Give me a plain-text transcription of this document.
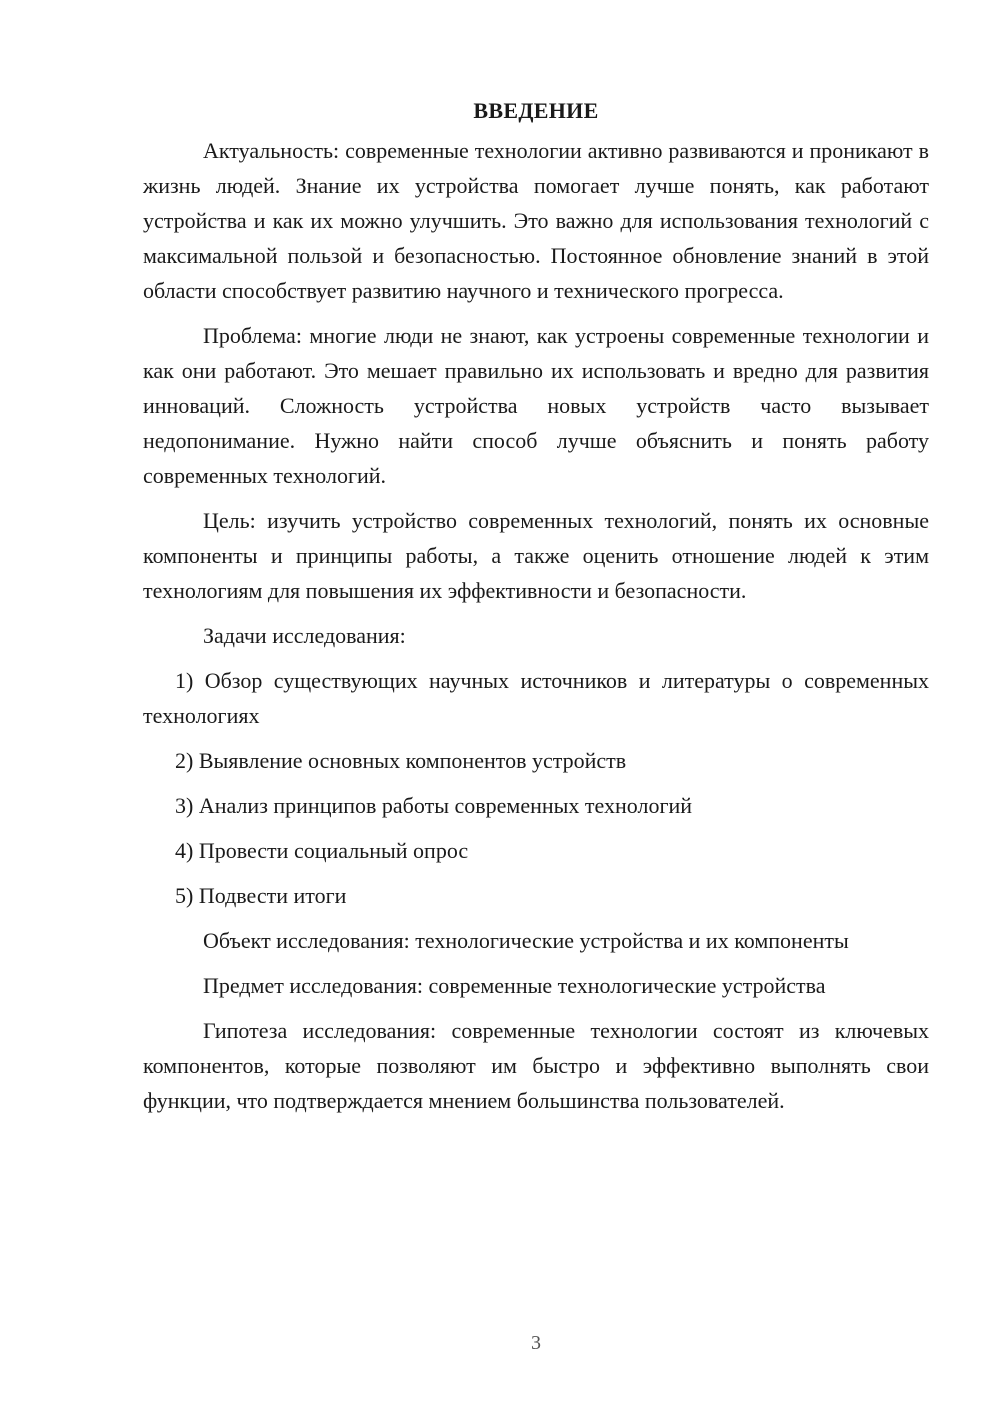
ВВЕДЕНИЕ

Актуальность: современные технологии активно развиваются и проникают в жизнь людей. Знание их устройства помогает лучше понять, как работают устройства и как их можно улучшить. Это важно для использования технологий с максимальной пользой и безопасностью. Постоянное обновление знаний в этой области способствует развитию научного и технического прогресса.

Проблема: многие люди не знают, как устроены современные технологии и как они работают. Это мешает правильно их использовать и вредно для развития инноваций. Сложность устройства новых устройств часто вызывает недопонимание. Нужно найти способ лучше объяснить и понять работу современных технологий.

Цель: изучить устройство современных технологий, понять их основные компоненты и принципы работы, а также оценить отношение людей к этим технологиям для повышения их эффективности и безопасности.

Задачи исследования:

1) Обзор существующих научных источников и литературы о современных технологиях

2) Выявление основных компонентов устройств

3) Анализ принципов работы современных технологий

4) Провести социальный опрос

5) Подвести итоги

Объект исследования: технологические устройства и их компоненты

Предмет исследования: современные технологические устройства

Гипотеза исследования: современные технологии состоят из ключевых компонентов, которые позволяют им быстро и эффективно выполнять свои функции, что подтверждается мнением большинства пользователей.

3
